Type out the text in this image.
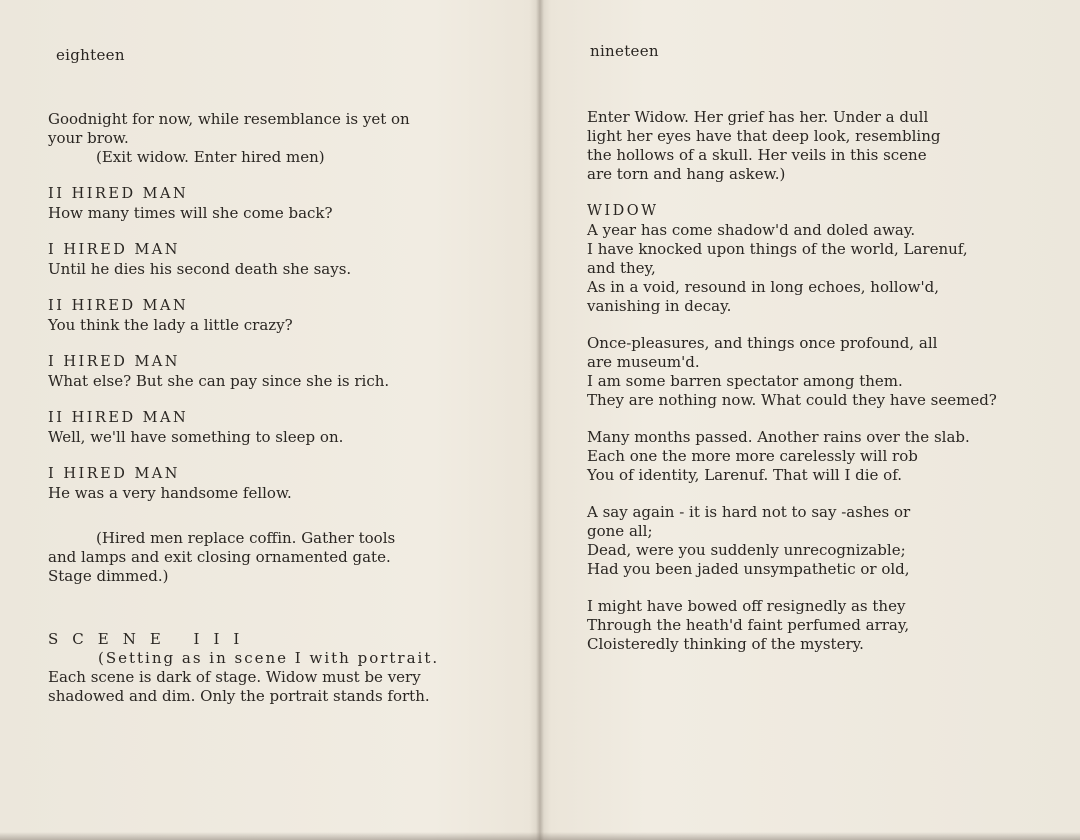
eighteen

Goodnight for now, while resemblance is yet on
your brow.
(Exit widow. Enter hired men)

II HIRED MAN
How many times will she come back?

I HIRED MAN
Until he dies his second death she says.

II HIRED MAN
You think the lady a little crazy?

I HIRED MAN
What else? But she can pay since she is rich.

II HIRED MAN
Well, we'll have something to sleep on.

I HIRED MAN
He was a very handsome fellow.

(Hired men replace coffin. Gather tools
and lamps and exit closing ornamented gate.
Stage dimmed.)

SCENE III
(Setting as in scene I with portrait.
Each scene is dark of stage. Widow must be very
shadowed and dim. Only the portrait stands forth.

nineteen

Enter Widow. Her grief has her. Under a dull
light her eyes have that deep look, resembling
the hollows of a skull. Her veils in this scene
are torn and hang askew.)

WIDOW
A year has come shadow'd and doled away.
I have knocked upon things of the world, Larenuf,
and they,
As in a void, resound in long echoes, hollow'd,
vanishing in decay.

Once-pleasures, and things once profound, all
are museum'd.
I am some barren spectator among them.
They are nothing now. What could they have seemed?

Many months passed. Another rains over the slab.
Each one the more more carelessly will rob
You of identity, Larenuf. That will I die of.

A say again - it is hard not to say -ashes or
gone all;
Dead, were you suddenly unrecognizable;
Had you been jaded unsympathetic or old,

I might have bowed off resignedly as they
Through the heath'd faint perfumed array,
Cloisteredly thinking of the mystery.
